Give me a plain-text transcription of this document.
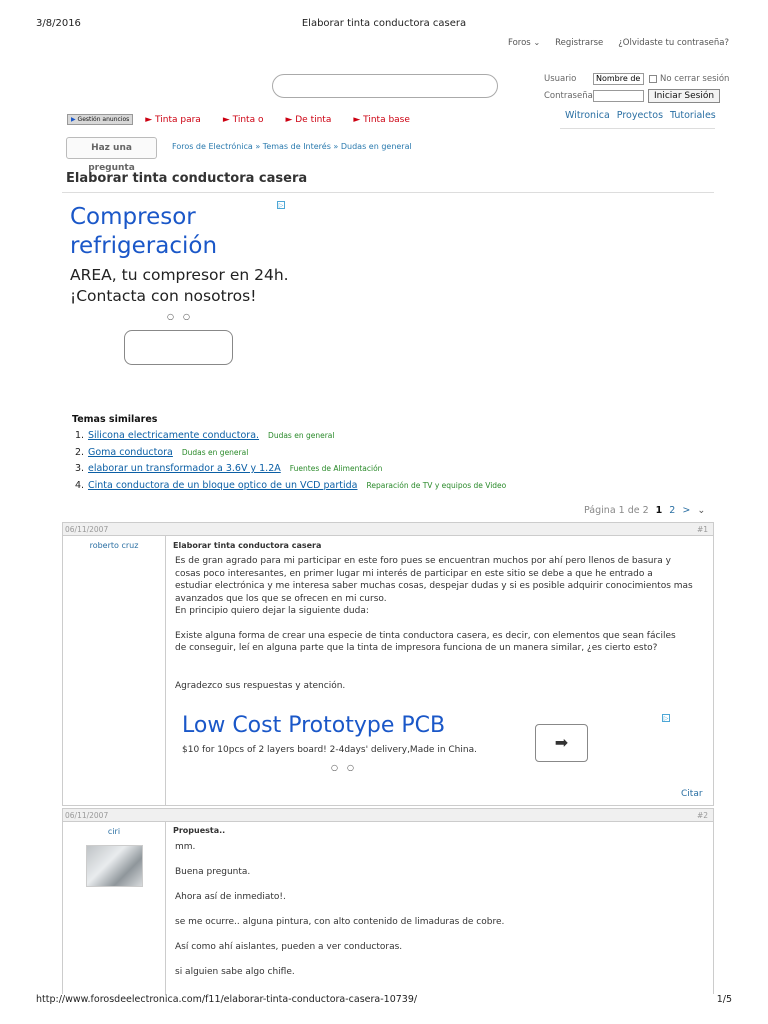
3/8/2016	Elaborar tinta conductora casera
Foros ⌄ Registrarse ¿Olvidaste tu contraseña?
Usuario
Nombre de U	No cerrar sesión
Contraseña	Iniciar Sesión
▶ Gestión anuncios	► Tinta para ► Tinta o ► De tinta ► Tinta base	Witronica Proyectos Tutoriales
Haz una pregunta
Foros de Electrónica » Temas de Interés » Dudas en general
Elaborar tinta conductora casera
Compresor
refrigeración
AREA, tu compresor en 24h.
¡Contacta con nosotros!
▷
○○
Temas similares
1. Silicona electricamente conductora. Dudas en general
2. Goma conductora Dudas en general
3. elaborar un transformador a 3.6V y 1.2A Fuentes de Alimentación
4. Cinta conductora de un bloque optico de un VCD partida Reparación de TV y equipos de Video
Página 1 de 2 1 2 > ⌄
06/11/2007	#1
roberto cruz	Elaborar tinta conductora casera
Es de gran agrado para mi participar en este foro pues se encuentran muchos por ahí pero llenos de basura y
cosas poco interesantes, en primer lugar mi interés de participar en este sitio se debe a que he entrado a
estudiar electrónica y me interesa saber muchas cosas, despejar dudas y si es posible adquirir conocimientos mas
avanzados que los que se ofrecen en mi curso.
En principio quiero dejar la siguiente duda:
Existe alguna forma de crear una especie de tinta conductora casera, es decir, con elementos que sean fáciles
de conseguir, leí en alguna parte que la tinta de impresora funciona de un manera similar, ¿es cierto esto?
Agradezco sus respuestas y atención.
Low Cost Prototype PCB
$10 for 10pcs of 2 layers board! 2-4days' delivery,Made in China.
▷
➡
○○
Citar
06/11/2007	#2
ciri	Propuesta..
mm.
Buena pregunta.
Ahora así de inmediato!.
se me ocurre.. alguna pintura, con alto contenido de limaduras de cobre.
Así como ahí aislantes, pueden a ver conductoras.
si alguien sabe algo chifle.
http://www.forosdeelectronica.com/f11/elaborar-tinta-conductora-casera-10739/	1/5
